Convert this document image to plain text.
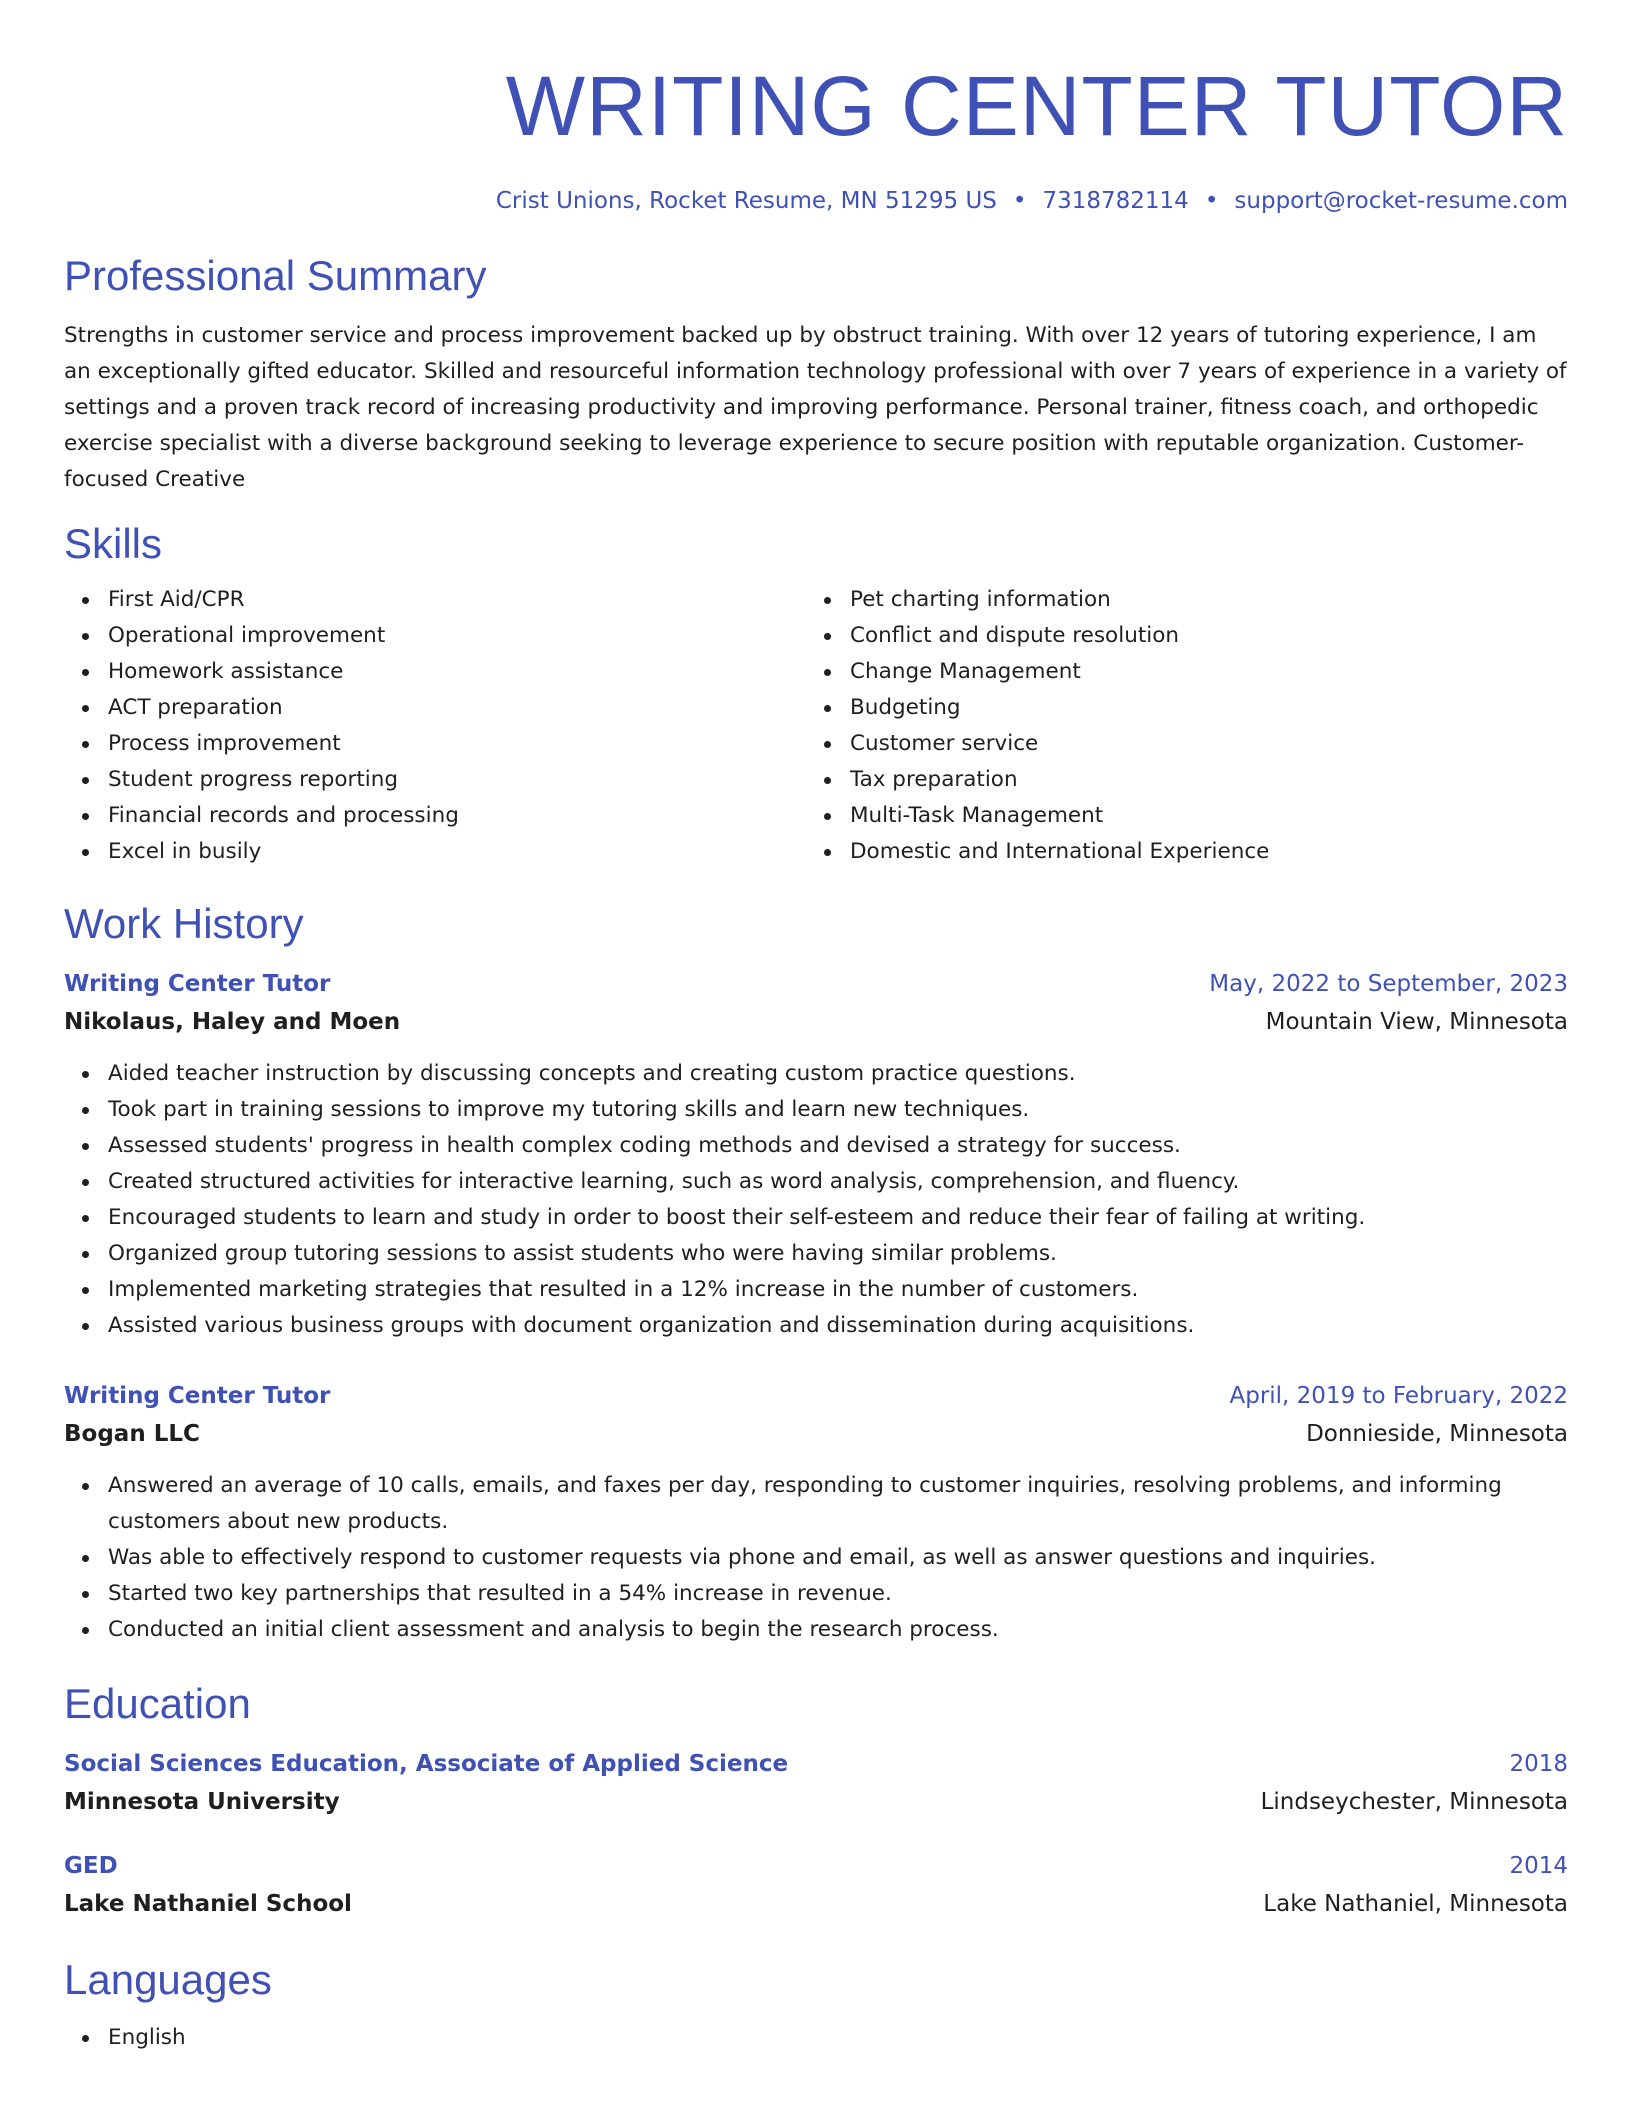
WRITING CENTER TUTOR
Crist Unions, Rocket Resume, MN 51295 US • 7318782114 • support@rocket-resume.com
Professional Summary
Strengths in customer service and process improvement backed up by obstruct training. With over 12 years of tutoring experience, I am an exceptionally gifted educator. Skilled and resourceful information technology professional with over 7 years of experience in a variety of settings and a proven track record of increasing productivity and improving performance. Personal trainer, fitness coach, and orthopedic exercise specialist with a diverse background seeking to leverage experience to secure position with reputable organization. Customer-focused Creative
Skills
First Aid/CPR
Operational improvement
Homework assistance
ACT preparation
Process improvement
Student progress reporting
Financial records and processing
Excel in busily
Pet charting information
Conflict and dispute resolution
Change Management
Budgeting
Customer service
Tax preparation
Multi-Task Management
Domestic and International Experience
Work History
Writing Center Tutor	May, 2022 to September, 2023
Nikolaus, Haley and Moen	Mountain View, Minnesota
Aided teacher instruction by discussing concepts and creating custom practice questions.
Took part in training sessions to improve my tutoring skills and learn new techniques.
Assessed students' progress in health complex coding methods and devised a strategy for success.
Created structured activities for interactive learning, such as word analysis, comprehension, and fluency.
Encouraged students to learn and study in order to boost their self-esteem and reduce their fear of failing at writing.
Organized group tutoring sessions to assist students who were having similar problems.
Implemented marketing strategies that resulted in a 12% increase in the number of customers.
Assisted various business groups with document organization and dissemination during acquisitions.
Writing Center Tutor	April, 2019 to February, 2022
Bogan LLC	Donnieside, Minnesota
Answered an average of 10 calls, emails, and faxes per day, responding to customer inquiries, resolving problems, and informing customers about new products.
Was able to effectively respond to customer requests via phone and email, as well as answer questions and inquiries.
Started two key partnerships that resulted in a 54% increase in revenue.
Conducted an initial client assessment and analysis to begin the research process.
Education
Social Sciences Education, Associate of Applied Science	2018
Minnesota University	Lindseychester, Minnesota
GED	2014
Lake Nathaniel School	Lake Nathaniel, Minnesota
Languages
English
